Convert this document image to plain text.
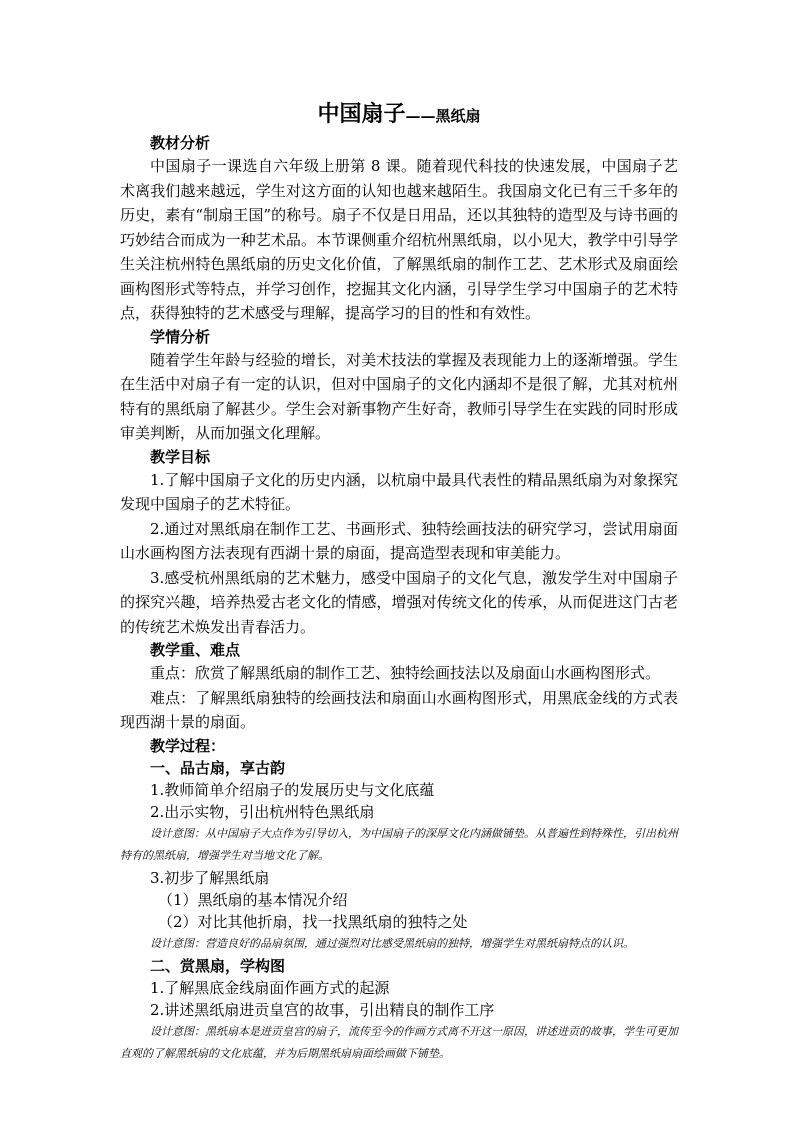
中国扇子——黑纸扇

教材分析

中国扇子一课选自六年级上册第 8 课。随着现代科技的快速发展，中国扇子艺术离我们越来越远，学生对这方面的认知也越来越陌生。我国扇文化已有三千多年的历史，素有“制扇王国”的称号。扇子不仅是日用品，还以其独特的造型及与诗书画的巧妙结合而成为一种艺术品。本节课侧重介绍杭州黑纸扇，以小见大，教学中引导学生关注杭州特色黑纸扇的历史文化价值，了解黑纸扇的制作工艺、艺术形式及扇面绘画构图形式等特点，并学习创作，挖掘其文化内涵，引导学生学习中国扇子的艺术特点，获得独特的艺术感受与理解，提高学习的目的性和有效性。

学情分析

随着学生年龄与经验的增长，对美术技法的掌握及表现能力上的逐渐增强。学生在生活中对扇子有一定的认识，但对中国扇子的文化内涵却不是很了解，尤其对杭州特有的黑纸扇了解甚少。学生会对新事物产生好奇，教师引导学生在实践的同时形成审美判断，从而加强文化理解。

教学目标

1.了解中国扇子文化的历史内涵，以杭扇中最具代表性的精品黑纸扇为对象探究发现中国扇子的艺术特征。

2.通过对黑纸扇在制作工艺、书画形式、独特绘画技法的研究学习，尝试用扇面山水画构图方法表现有西湖十景的扇面，提高造型表现和审美能力。

3.感受杭州黑纸扇的艺术魅力，感受中国扇子的文化气息，激发学生对中国扇子的探究兴趣，培养热爱古老文化的情感，增强对传统文化的传承，从而促进这门古老的传统艺术焕发出青春活力。

教学重、难点

重点：欣赏了解黑纸扇的制作工艺、独特绘画技法以及扇面山水画构图形式。

难点：了解黑纸扇独特的绘画技法和扇面山水画构图形式，用黑底金线的方式表现西湖十景的扇面。

教学过程：

一、品古扇，享古韵

1.教师简单介绍扇子的发展历史与文化底蕴

2.出示实物，引出杭州特色黑纸扇

设计意图：从中国扇子大点作为引导切入，为中国扇子的深厚文化内涵做铺垫。从普遍性到特殊性，引出杭州特有的黑纸扇，增强学生对当地文化了解。

3.初步了解黑纸扇

（1）黑纸扇的基本情况介绍

（2）对比其他折扇，找一找黑纸扇的独特之处

设计意图：营造良好的品扇氛围，通过强烈对比感受黑纸扇的独特，增强学生对黑纸扇特点的认识。

二、赏黑扇，学构图

1.了解黑底金线扇面作画方式的起源

2.讲述黑纸扇进贡皇宫的故事，引出精良的制作工序

设计意图：黑纸扇本是进贡皇宫的扇子，流传至今的作画方式离不开这一原因，讲述进贡的故事，学生可更加直观的了解黑纸扇的文化底蕴，并为后期黑纸扇扇面绘画做下铺垫。
